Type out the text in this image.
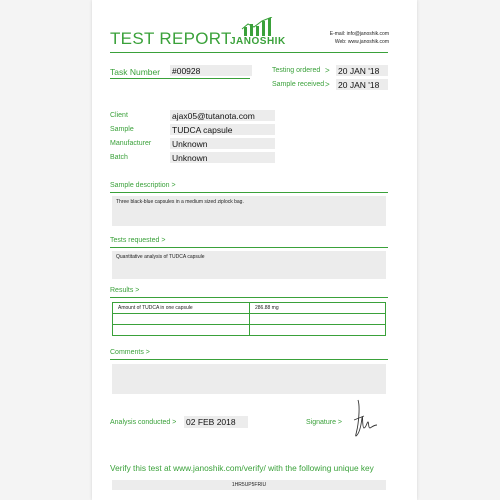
TEST REPORT
JANOSHIK
E-mail: info@janoshik.com
Web: www.janoshik.com
Task Number #00928	Testing ordered > 20 JAN '18
Sample received > 20 JAN '18
Client	ajax05@tutanota.com
Sample	TUDCA capsule
Manufacturer Unknown
Batch	Unknown
Sample description >
Three black-blue capsules in a medium sized ziplock bag.
Tests requested >
Quantitative analysis of TUDCA capsule
Results >
Amount of TUDCA in one capsule	286.88 mg

Comments >
Analysis conducted > 02 FEB 2018	Signature >
Verify this test at www.janoshik.com/verify/ with the following unique key
1HR5UP5FRIU
